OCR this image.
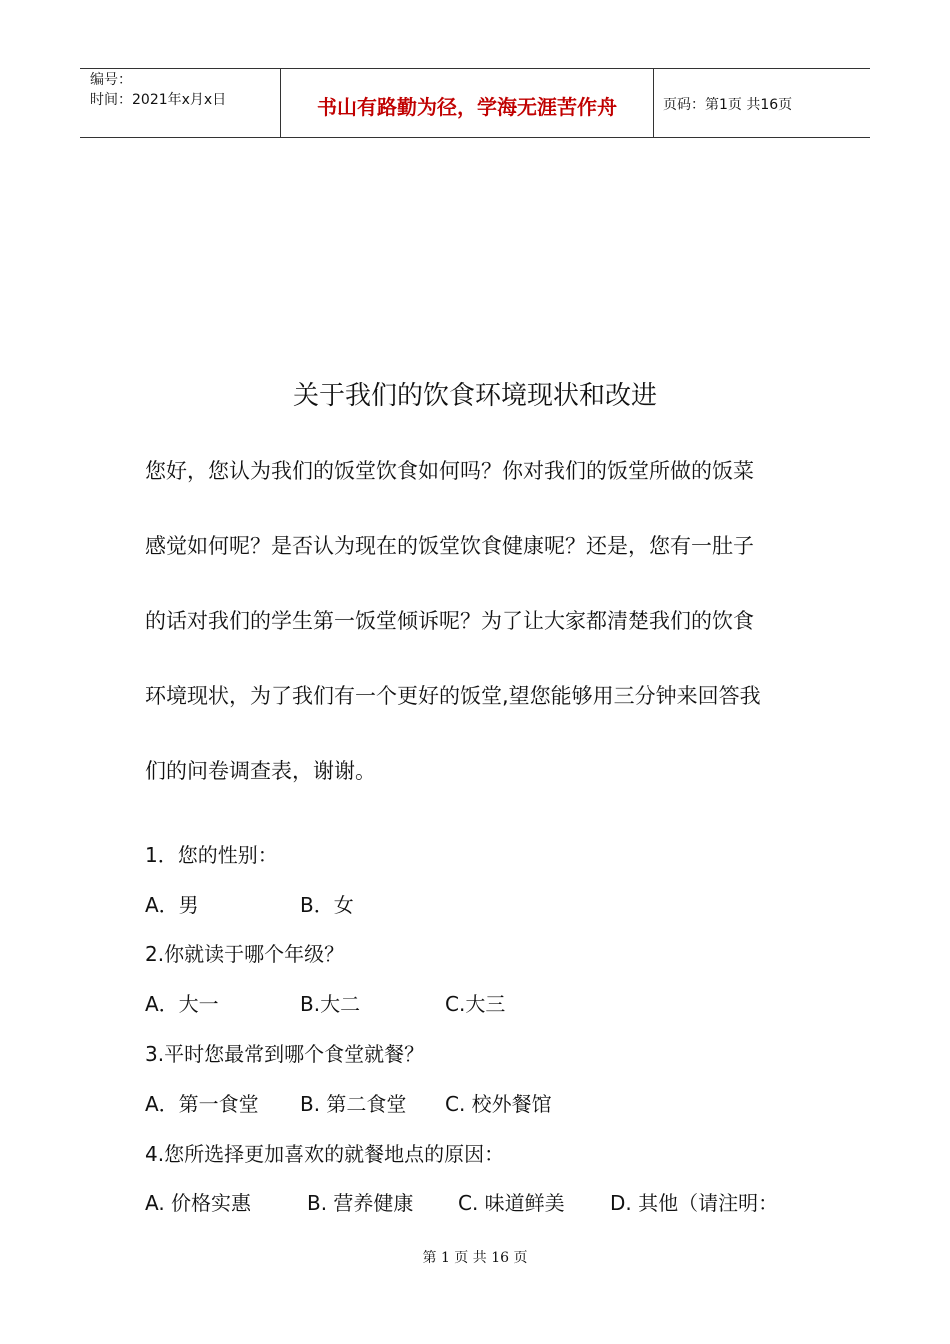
编号：
时间：2021年x月x日	书山有路勤为径，学海无涯苦作舟	页码：第1页 共16页
关于我们的饮食环境现状和改进
您好，您认为我们的饭堂饮食如何吗？你对我们的饭堂所做的饭菜
感觉如何呢？是否认为现在的饭堂饮食健康呢？还是，您有一肚子
的话对我们的学生第一饭堂倾诉呢？为了让大家都清楚我们的饮食
环境现状，为了我们有一个更好的饭堂,望您能够用三分钟来回答我
们的问卷调查表，谢谢。
1．您的性别：
A．男	B．女
2.你就读于哪个年级？
A．大一	B.大二	C.大三
3.平时您最常到哪个食堂就餐？
A．第一食堂 B. 第二食堂 C. 校外餐馆
4.您所选择更加喜欢的就餐地点的原因：
A. 价格实惠	B. 营养健康 C. 味道鲜美 D. 其他（请注明：
第 1 页 共 16 页
